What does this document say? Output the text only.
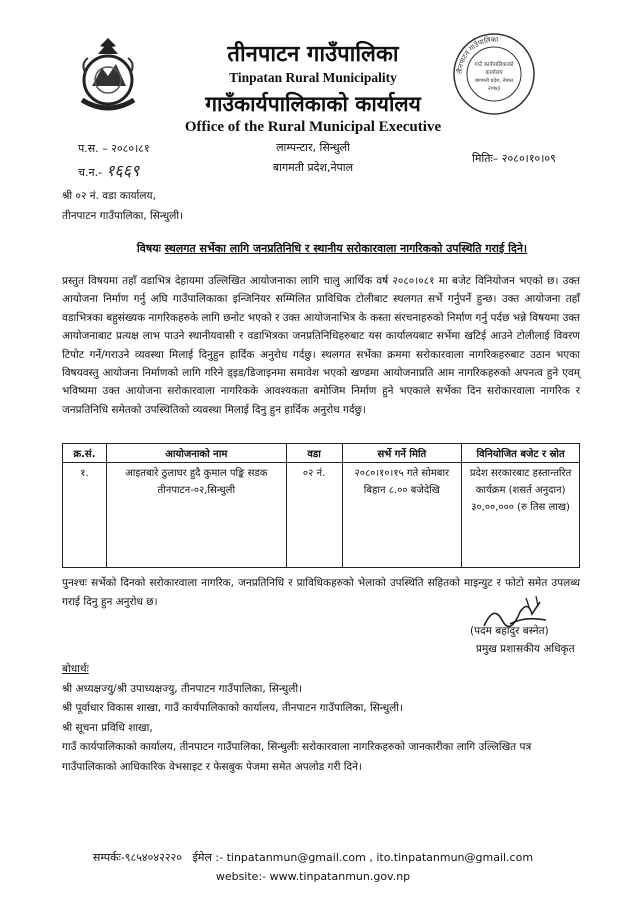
तीनपाटन गाउँपालिका
Tinpatan Rural Municipality
गाउँकार्यपालिकाको कार्यालय
Office of the Rural Municipal Executive
लाम्पन्टार, सिन्धुली
बागमती प्रदेश,नेपाल
तीनपाटन गाउँपालिका
गाउँ कार्यपालिकाको
कार्यालय
बागमती प्रदेश, नेपाल
२०७३
प.स. – २०८०।८१
च.न.- १६६९
मितिः– २०८०।१०।०९
श्री ०२ नं. वडा कार्यालय,
तीनपाटन गाउँपालिका, सिन्धुली।
विषयः स्थलगत सर्भेका लागि जनप्रतिनिधि र स्थानीय सरोकारवाला नागरिकको उपस्थिति गराई दिने।
प्रस्तुत विषयमा तहाँ वडाभित्र देहायमा उल्लिखित आयोजनाका लागि चालु आर्थिक वर्ष २०८०।०८१ मा बजेट विनियोजन भएको छ। उक्त आयोजना निर्माण गर्नु अघि गाउँपालिकाका इन्जिनियर सम्मिलित प्राविधिक टोलीबाट स्थलगत सर्भे गर्नुपर्ने हुन्छ। उक्त आयोजना तहाँ वडाभित्रका बहुसंख्यक नागरिकहरुके लागि छनोट भएको र उक्त आयोजनाभित्र के कस्ता संरचनाहरुको निर्माण गर्नु पर्दछ भन्ने विषयमा उक्त आयोजनाबाट प्रत्यक्ष लाभ पाउने स्थानीयवासी र वडाभित्रका जनप्रतिनिधिहरुबाट यस कार्यालयबाट सर्भेमा खटिई आउने टोलीलाई विवरण टिपोट गर्ने/गराउने व्यवस्था मिलाई दिनुहुन हार्दिक अनुरोध गर्दछु। स्थलगत सर्भेका क्रममा सरोकारवाला नागरिकहरुबाट उठान भएका विषयवस्तु आयोजना निर्माणको लागि गरिने ड्इड/डिजाइनमा समावेश भएको खण्डमा आयोजनाप्रति आम नागरिकहरुको अपनत्व हुने एवम् भविष्यमा उक्त आयोजना सरोकारवाला नागरिकके आवश्यकता बमोजिम निर्माण हुने भएकाले सर्भेका दिन सरोकारवाला नागरिक र जनप्रतिनिधि समेतको उपस्थितिको व्यवस्था मिलाई दिनु हुन हार्दिक अनुरोध गर्दछु।
क्र.सं.	आयोजनाको नाम	वडा	सर्भे गर्ने मिति	विनियोजित बजेट र स्रोत
१.	आइतबारे ठुलाघर हुदै कुमाल पङ्कि सडक तीनपाटन-०२,सिन्धुली	०२ नं.	२०८०।१०।१५ गते सोमबार बिहान ८.०० बजेदेखि	प्रदेश सरकारबाट हस्तान्तरित कार्यक्रम (शसर्त अनुदान) ३०,००,००० (रु तिस लाख)
पुनश्चः सर्भेको दिनको सरोकारवाला नागरिक, जनप्रतिनिधि र प्राविधिकहरुको भेलाको उपस्थिति सहितको माइन्युट र फोटो समेत उपलब्ध गराई दिनु हुन अनुरोध छ।
(पदम बहादुर बस्नेत)
प्रमुख प्रशासकीय अधिकृत
बोधार्थः
श्री अध्यक्षज्यु/श्री उपाध्यक्षज्यु, तीनपाटन गाउँपालिका, सिन्धुली।
श्री पूर्वाधार विकास शाखा, गाउँ कार्यपालिकाको कार्यालय, तीनपाटन गाउँपालिका, सिन्धुली।
श्री सूचना प्रविधि शाखा,
गाउँ कार्यपालिकाको कार्यालय, तीनपाटन गाउँपालिका, सिन्धुलीः सरोकारवाला नागरिकहरुको जानकारीका लागि उल्लिखित पत्र गाउँपालिकाको आधिकारिक वेभसाइट र फेसबुक पेजमा समेत अपलोड गरी दिने।
सम्पर्कः-९८५४०४२२२० ईमेल :- tinpatanmun@gmail.com , ito.tinpatanmun@gmail.com
website:- www.tinpatanmun.gov.np
